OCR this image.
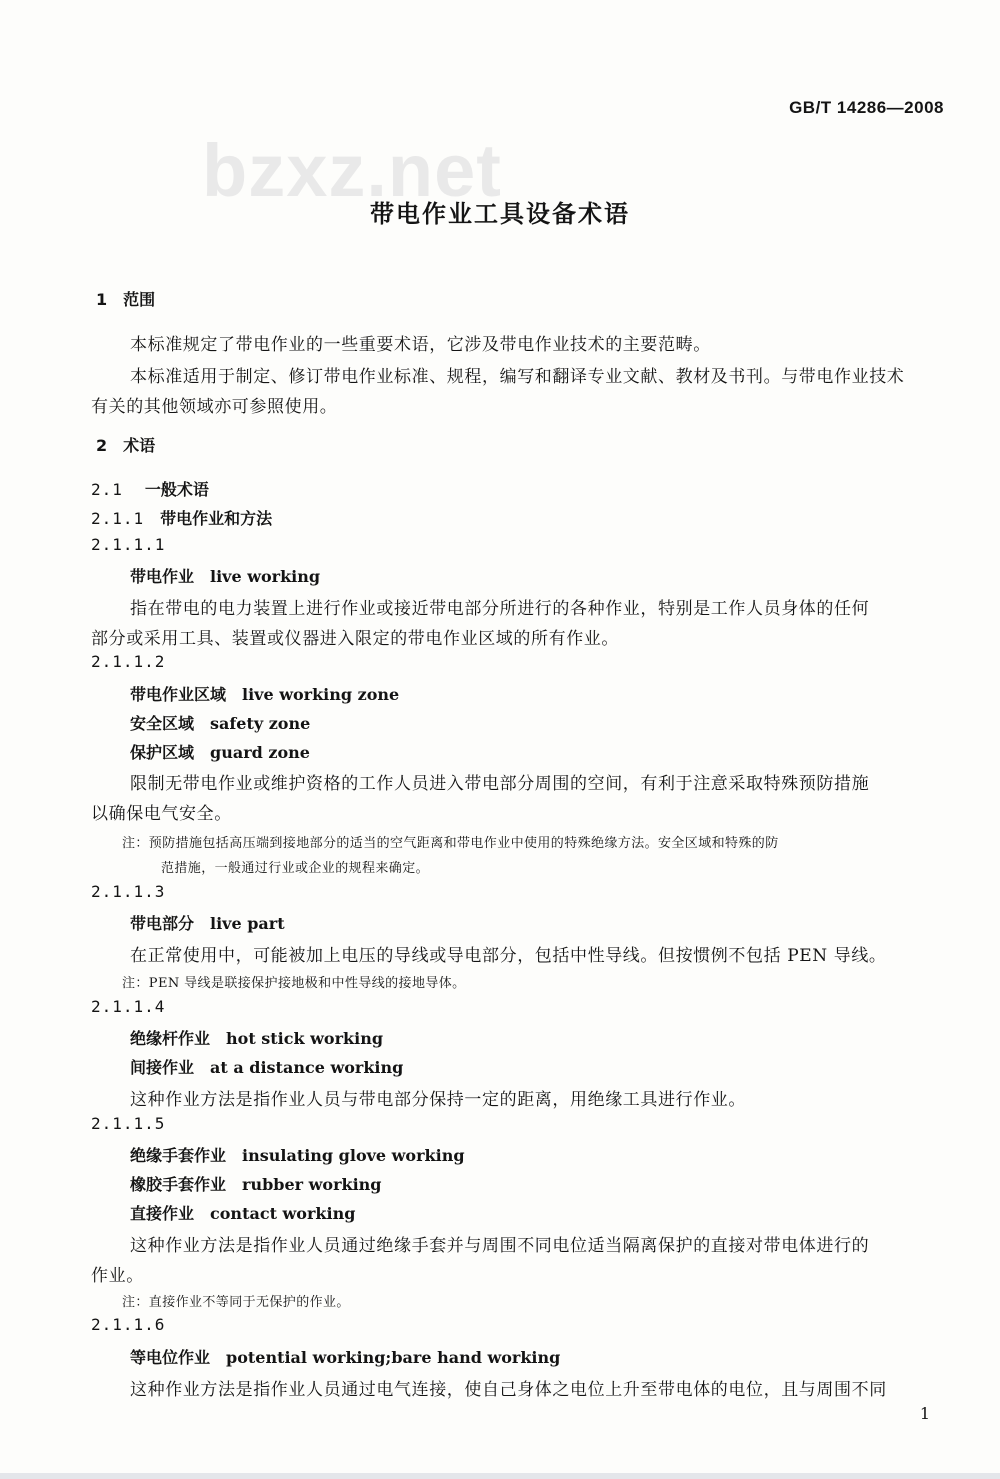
bzxz.net
GB/T 14286—2008
带电作业工具设备术语
1　范围
本标准规定了带电作业的一些重要术语，它涉及带电作业技术的主要范畴。
本标准适用于制定、修订带电作业标准、规程，编写和翻译专业文献、教材及书刊。与带电作业技术
有关的其他领域亦可参照使用。
2　术语
2.1 一般术语
2.1.1 带电作业和方法
2.1.1.1
带电作业 live working
指在带电的电力装置上进行作业或接近带电部分所进行的各种作业，特别是工作人员身体的任何
部分或采用工具、装置或仪器进入限定的带电作业区域的所有作业。
2.1.1.2
带电作业区域 live working zone
安全区域 safety zone
保护区域 guard zone
限制无带电作业或维护资格的工作人员进入带电部分周围的空间，有利于注意采取特殊预防措施
以确保电气安全。
注：预防措施包括高压端到接地部分的适当的空气距离和带电作业中使用的特殊绝缘方法。安全区域和特殊的防
范措施，一般通过行业或企业的规程来确定。
2.1.1.3
带电部分 live part
在正常使用中，可能被加上电压的导线或导电部分，包括中性导线。但按惯例不包括 PEN 导线。
注：PEN 导线是联接保护接地极和中性导线的接地导体。
2.1.1.4
绝缘杆作业 hot stick working
间接作业 at a distance working
这种作业方法是指作业人员与带电部分保持一定的距离，用绝缘工具进行作业。
2.1.1.5
绝缘手套作业 insulating glove working
橡胶手套作业 rubber working
直接作业 contact working
这种作业方法是指作业人员通过绝缘手套并与周围不同电位适当隔离保护的直接对带电体进行的
作业。
注：直接作业不等同于无保护的作业。
2.1.1.6
等电位作业 potential working;bare hand working
这种作业方法是指作业人员通过电气连接，使自己身体之电位上升至带电体的电位，且与周围不同
1
